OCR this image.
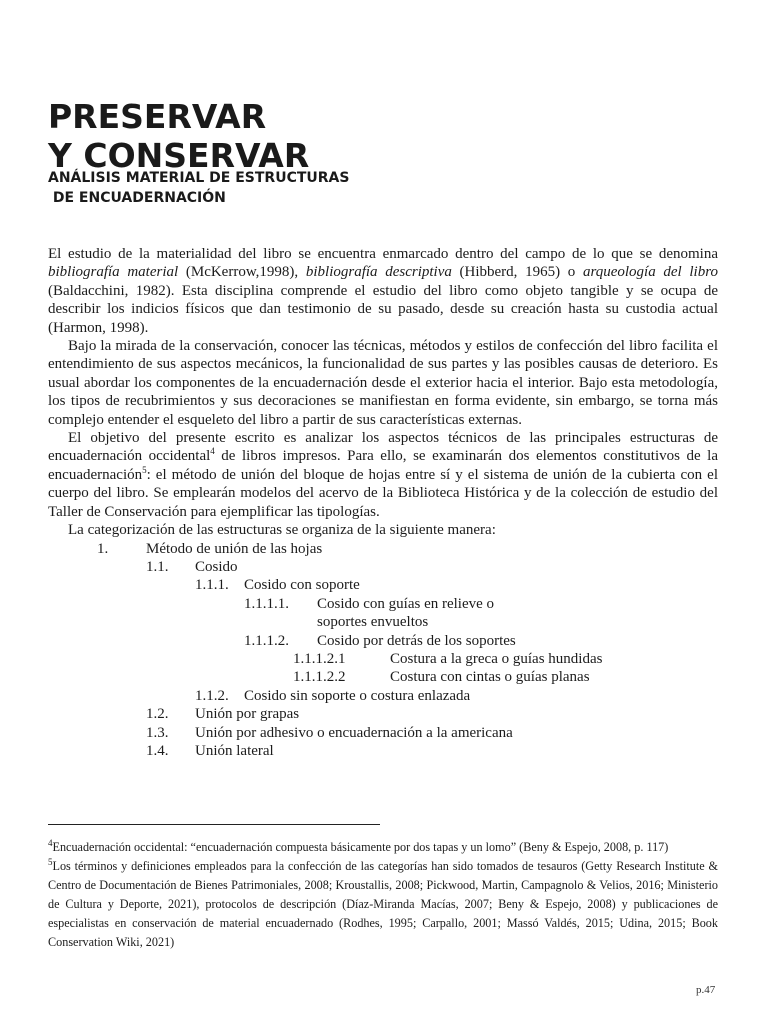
PRESERVAR
Y CONSERVAR
ANÁLISIS MATERIAL DE ESTRUCTURAS
DE ENCUADERNACIÓN

El estudio de la materialidad del libro se encuentra enmarcado dentro del campo de lo que se denomina bibliografía material (McKerrow,1998), bibliografía descriptiva (Hibberd, 1965) o arqueología del libro (Baldacchini, 1982). Esta disciplina comprende el estudio del libro como objeto tangible y se ocupa de describir los indicios físicos que dan testimonio de su pasado, desde su creación hasta su custodia actual (Harmon, 1998).

Bajo la mirada de la conservación, conocer las técnicas, métodos y estilos de confección del libro facilita el entendimiento de sus aspectos mecánicos, la funcionalidad de sus partes y las posibles causas de deterioro. Es usual abordar los componentes de la encuadernación desde el exterior hacia el interior. Bajo esta metodología, los tipos de recubrimientos y sus decoraciones se manifiestan en forma evidente, sin embargo, se torna más complejo entender el esqueleto del libro a partir de sus características externas.

El objetivo del presente escrito es analizar los aspectos técnicos de las principales estructuras de encuadernación occidental$^4$ de libros impresos. Para ello, se examinarán dos elementos constitutivos de la encuadernación$^5$: el método de unión del bloque de hojas entre sí y el sistema de unión de la cubierta con el cuerpo del libro. Se emplearán modelos del acervo de la Biblioteca Histórica y de la colección de estudio del Taller de Conservación para ejemplificar las tipologías.

La categorización de las estructuras se organiza de la siguiente manera:

1.	Método de unión de las hojas
1.1.	Cosido
1.1.1.	Cosido con soporte
1.1.1.1.	Cosido con guías en relieve o
soportes envueltos
1.1.1.2.	Cosido por detrás de los soportes
1.1.1.2.1	Costura a la greca o guías hundidas
1.1.1.2.2	Costura con cintas o guías planas
1.1.2.	Cosido sin soporte o costura enlazada
1.2.	Unión por grapas
1.3.	Unión por adhesivo o encuadernación a la americana
1.4.	Unión lateral

$^4$Encuadernación occidental: “encuadernación compuesta básicamente por dos tapas y un lomo” (Beny & Espejo, 2008, p. 117)

$^5$Los términos y definiciones empleados para la confección de las categorías han sido tomados de tesauros (Getty Research Institute & Centro de Documentación de Bienes Patrimoniales, 2008; Kroustallis, 2008; Pickwood, Martin, Campagnolo & Velios, 2016; Ministerio de Cultura y Deporte, 2021), protocolos de descripción (Díaz-Miranda Macías, 2007; Beny & Espejo, 2008) y publicaciones de especialistas en conservación de material encuadernado (Rodhes, 1995; Carpallo, 2001; Massó Valdés, 2015; Udina, 2015; Book Conservation Wiki, 2021)

p.47
